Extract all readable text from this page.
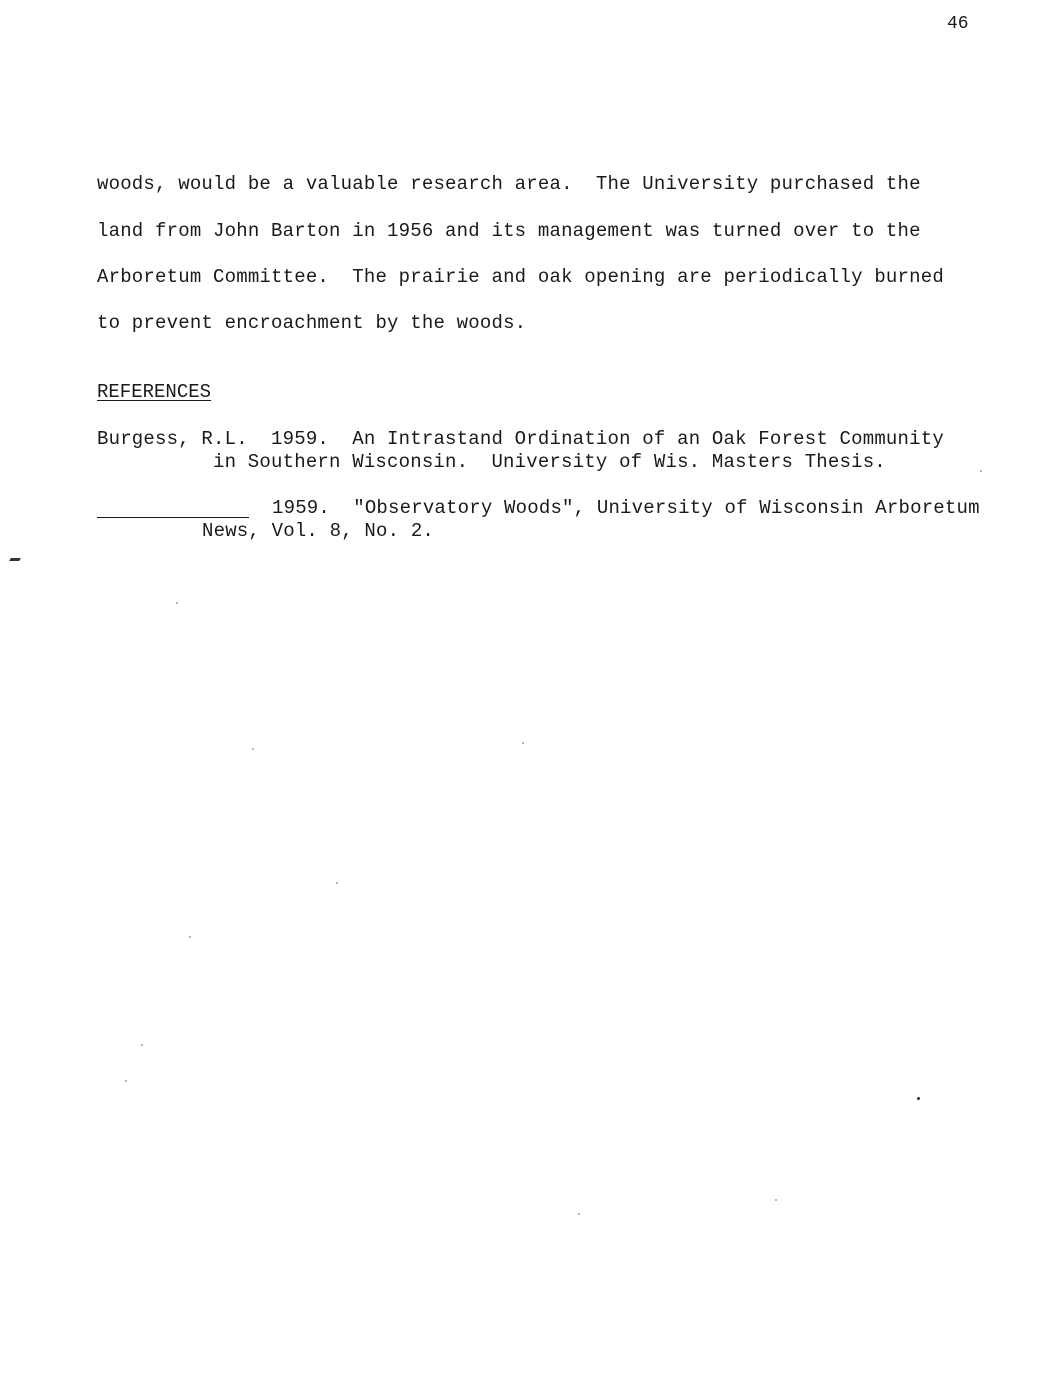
46
woods, would be a valuable research area.  The University purchased the
land from John Barton in 1956 and its management was turned over to the
Arboretum Committee.  The prairie and oak opening are periodically burned
to prevent encroachment by the woods.
REFERENCES
Burgess, R.L.  1959.  An Intrastand Ordination of an Oak Forest Community
in Southern Wisconsin.  University of Wis. Masters Thesis.
1959.  "Observatory Woods", University of Wisconsin Arboretum
News, Vol. 8, No. 2.
